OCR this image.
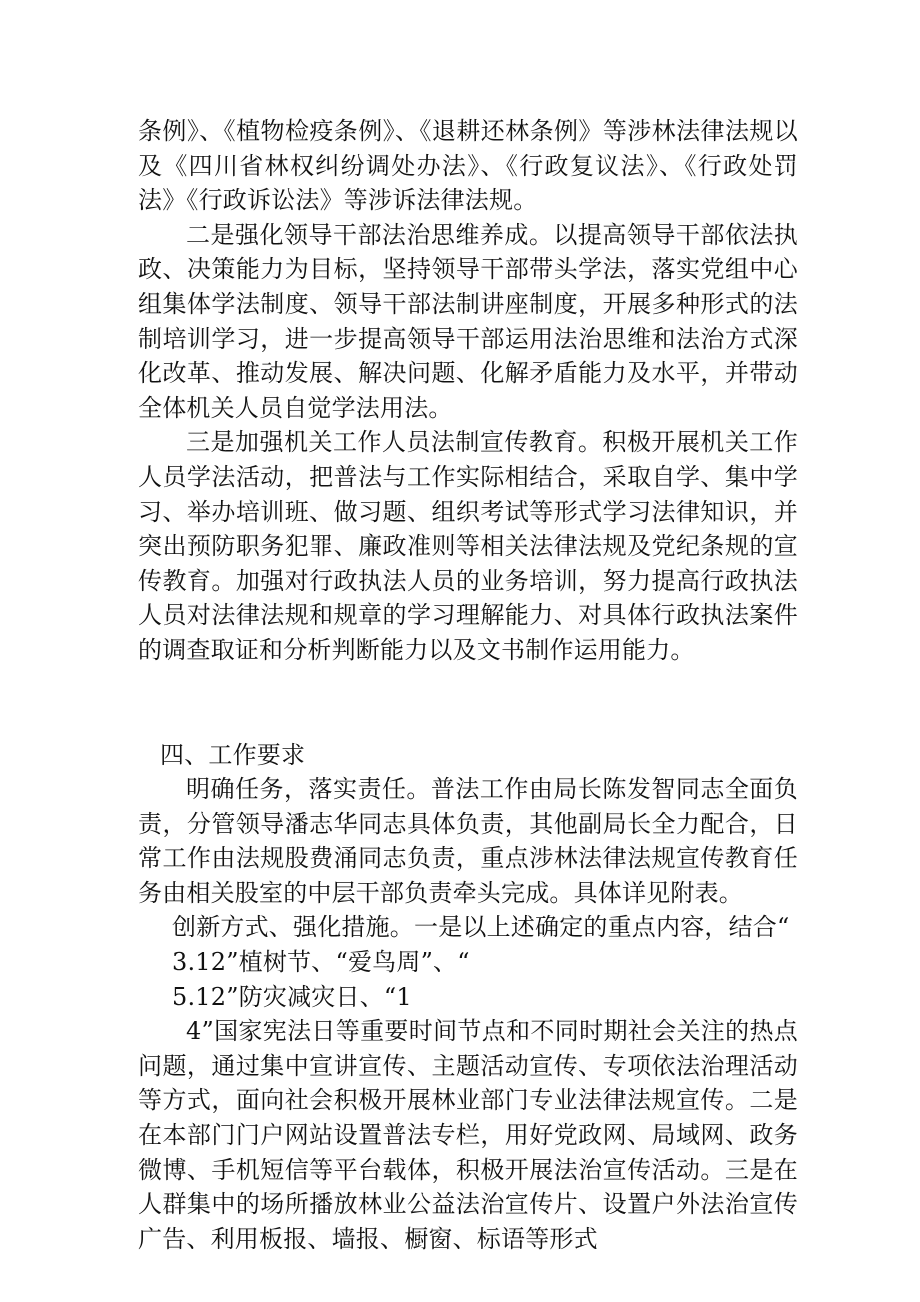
条例》、《植物检疫条例》、《退耕还林条例》等涉林法律法规以及《四川省林权纠纷调处办法》、《行政复议法》、《行政处罚法》《行政诉讼法》等涉诉法律法规。

二是强化领导干部法治思维养成。以提高领导干部依法执政、决策能力为目标，坚持领导干部带头学法，落实党组中心组集体学法制度、领导干部法制讲座制度，开展多种形式的法制培训学习，进一步提高领导干部运用法治思维和法治方式深化改革、推动发展、解决问题、化解矛盾能力及水平，并带动全体机关人员自觉学法用法。

三是加强机关工作人员法制宣传教育。积极开展机关工作人员学法活动，把普法与工作实际相结合，采取自学、集中学习、举办培训班、做习题、组织考试等形式学习法律知识，并突出预防职务犯罪、廉政准则等相关法律法规及党纪条规的宣传教育。加强对行政执法人员的业务培训，努力提高行政执法人员对法律法规和规章的学习理解能力、对具体行政执法案件的调查取证和分析判断能力以及文书制作运用能力。

四、工作要求

明确任务，落实责任。普法工作由局长陈发智同志全面负责，分管领导潘志华同志具体负责，其他副局长全力配合，日常工作由法规股费涌同志负责，重点涉林法律法规宣传教育任务由相关股室的中层干部负责牵头完成。具体详见附表。

创新方式、强化措施。一是以上述确定的重点内容，结合“

3.12”植树节、“爱鸟周”、“

5.12”防灾减灾日、“1

4”国家宪法日等重要时间节点和不同时期社会关注的热点问题，通过集中宣讲宣传、主题活动宣传、专项依法治理活动等方式，面向社会积极开展林业部门专业法律法规宣传。二是在本部门门户网站设置普法专栏，用好党政网、局域网、政务微博、手机短信等平台载体，积极开展法治宣传活动。三是在人群集中的场所播放林业公益法治宣传片、设置户外法治宣传广告、利用板报、墙报、橱窗、标语等形式
